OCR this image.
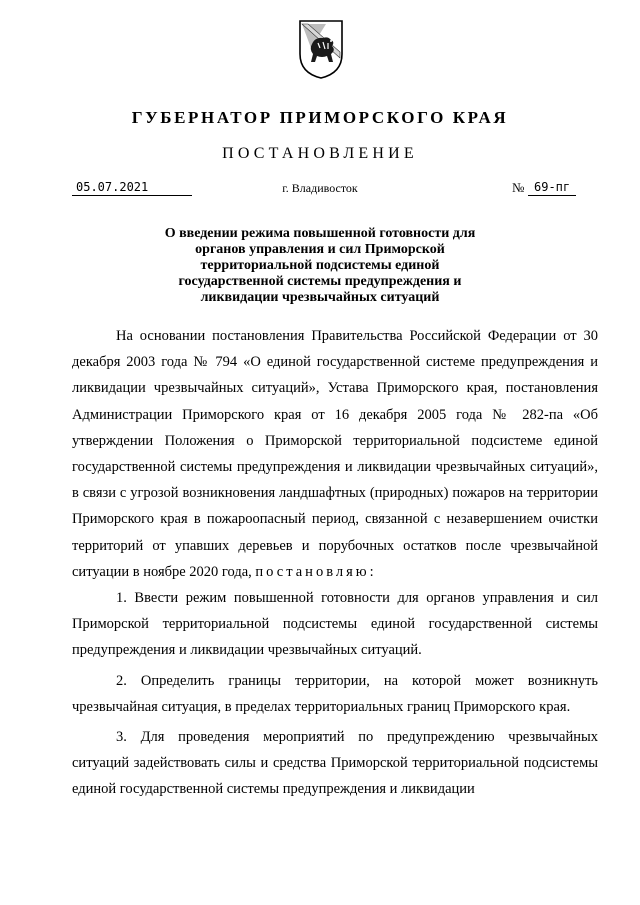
ГУБЕРНАТОР ПРИМОРСКОГО КРАЯ
ПОСТАНОВЛЕНИЕ
05.07.2021	г. Владивосток	№ 69-пг
О введении режима повышенной готовности для органов управления и сил Приморской территориальной подсистемы единой государственной системы предупреждения и ликвидации чрезвычайных ситуаций

На основании постановления Правительства Российской Федерации от 30 декабря 2003 года № 794 «О единой государственной системе предупреждения и ликвидации чрезвычайных ситуаций», Устава Приморского края, постановления Администрации Приморского края от 16 декабря 2005 года № 282-па «Об утверждении Положения о Приморской территориальной подсистеме единой государственной системы предупреждения и ликвидации чрезвычайных ситуаций», в связи с угрозой возникновения ландшафтных (природных) пожаров на территории Приморского края в пожароопасный период, связанной с незавершением очистки территорий от упавших деревьев и порубочных остатков после чрезвычайной ситуации в ноябре 2020 года, постановляю:

1. Ввести режим повышенной готовности для органов управления и сил Приморской территориальной подсистемы единой государственной системы предупреждения и ликвидации чрезвычайных ситуаций.

2. Определить границы территории, на которой может возникнуть чрезвычайная ситуация, в пределах территориальных границ Приморского края.

3. Для проведения мероприятий по предупреждению чрезвычайных ситуаций задействовать силы и средства Приморской территориальной подсистемы единой государственной системы предупреждения и ликвидации
